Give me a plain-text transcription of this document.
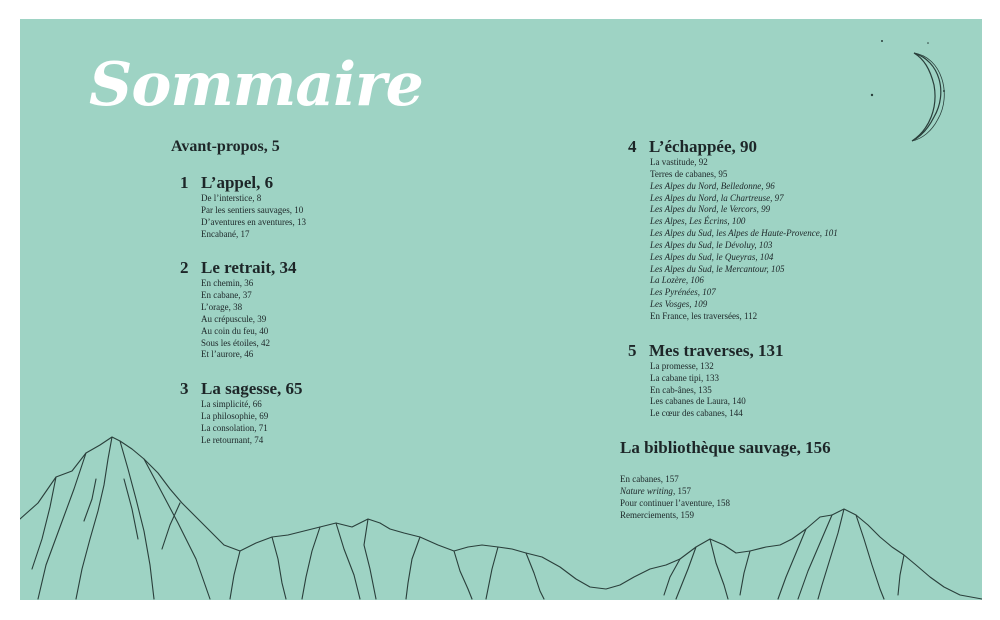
Sommaire
Avant-propos, 5
1 L’appel, 6
De l’interstice, 8
Par les sentiers sauvages, 10
D’aventures en aventures, 13
Encabané, 17
2 Le retrait, 34
En chemin, 36
En cabane, 37
L’orage, 38
Au crépuscule, 39
Au coin du feu, 40
Sous les étoiles, 42
Et l’aurore, 46
3 La sagesse, 65
La simplicité, 66
La philosophie, 69
La consolation, 71
Le retournant, 74
4 L’échappée, 90
La vastitude, 92
Terres de cabanes, 95
Les Alpes du Nord, Belledonne, 96
Les Alpes du Nord, la Chartreuse, 97
Les Alpes du Nord, le Vercors, 99
Les Alpes, Les Écrins, 100
Les Alpes du Sud, les Alpes de Haute-Provence, 101
Les Alpes du Sud, le Dévoluy, 103
Les Alpes du Sud, le Queyras, 104
Les Alpes du Sud, le Mercantour, 105
La Lozère, 106
Les Pyrénées, 107
Les Vosges, 109
En France, les traversées, 112
5 Mes traverses, 131
La promesse, 132
La cabane tipi, 133
En cab-ânes, 135
Les cabanes de Laura, 140
Le cœur des cabanes, 144
La bibliothèque sauvage, 156
En cabanes, 157
Nature writing, 157
Pour continuer l’aventure, 158
Remerciements, 159
